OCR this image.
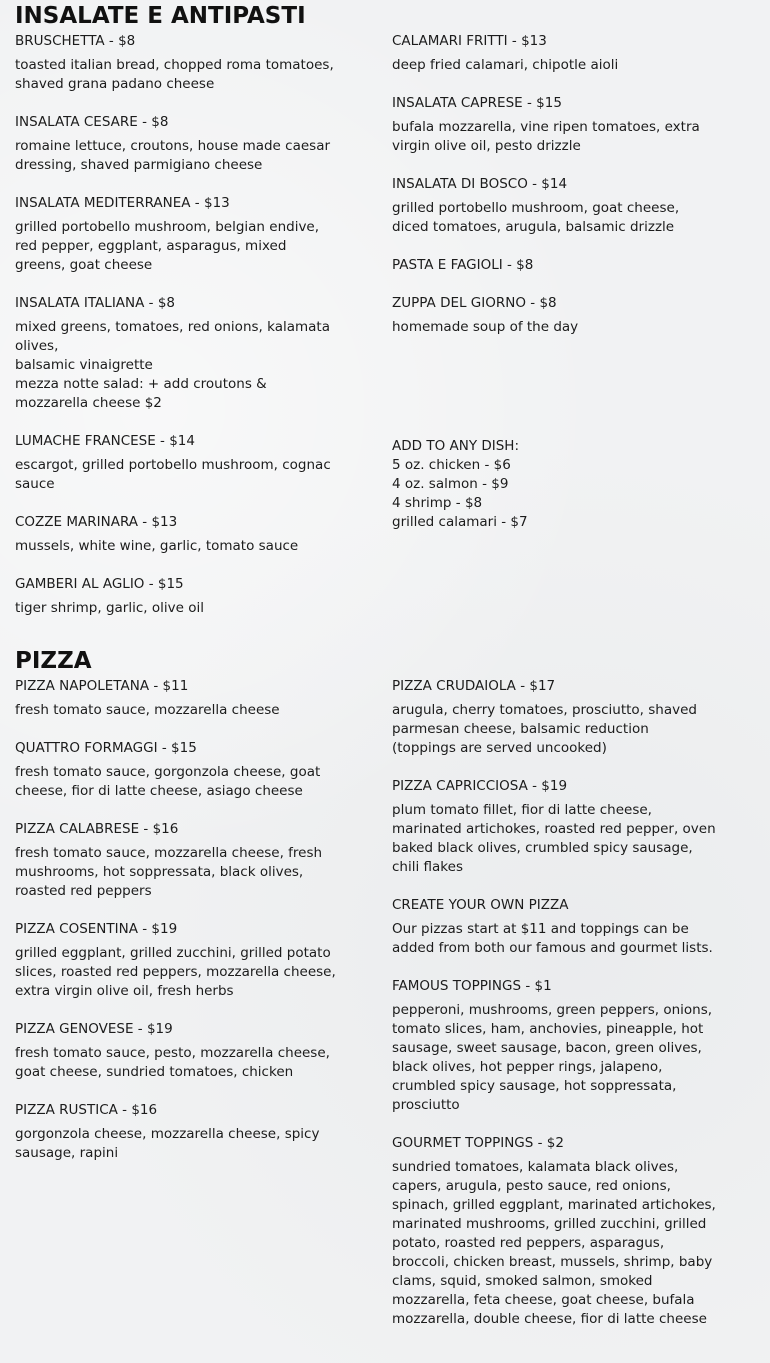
INSALATE E ANTIPASTI
BRUSCHETTA - $8
toasted italian bread, chopped roma tomatoes, shaved grana padano cheese
INSALATA CESARE - $8
romaine lettuce, croutons, house made caesar dressing, shaved parmigiano cheese
INSALATA MEDITERRANEA - $13
grilled portobello mushroom, belgian endive, red pepper, eggplant, asparagus, mixed greens, goat cheese
INSALATA ITALIANA - $8
mixed greens, tomatoes, red onions, kalamata olives,
balsamic vinaigrette
mezza notte salad: + add croutons & mozzarella cheese $2
LUMACHE FRANCESE - $14
escargot, grilled portobello mushroom, cognac sauce
COZZE MARINARA - $13
mussels, white wine, garlic, tomato sauce
GAMBERI AL AGLIO - $15
tiger shrimp, garlic, olive oil
CALAMARI FRITTI - $13
deep fried calamari, chipotle aioli
INSALATA CAPRESE - $15
bufala mozzarella, vine ripen tomatoes, extra virgin olive oil, pesto drizzle
INSALATA DI BOSCO - $14
grilled portobello mushroom, goat cheese, diced tomatoes, arugula, balsamic drizzle
PASTA E FAGIOLI - $8
ZUPPA DEL GIORNO - $8
homemade soup of the day
ADD TO ANY DISH:
5 oz. chicken - $6
4 oz. salmon - $9
4 shrimp - $8
grilled calamari - $7
PIZZA
PIZZA NAPOLETANA - $11
fresh tomato sauce, mozzarella cheese
QUATTRO FORMAGGI - $15
fresh tomato sauce, gorgonzola cheese, goat cheese, fior di latte cheese, asiago cheese
PIZZA CALABRESE - $16
fresh tomato sauce, mozzarella cheese, fresh mushrooms, hot soppressata, black olives, roasted red peppers
PIZZA COSENTINA - $19
grilled eggplant, grilled zucchini, grilled potato slices, roasted red peppers, mozzarella cheese, extra virgin olive oil, fresh herbs
PIZZA GENOVESE - $19
fresh tomato sauce, pesto, mozzarella cheese, goat cheese, sundried tomatoes, chicken
PIZZA RUSTICA - $16
gorgonzola cheese, mozzarella cheese, spicy sausage, rapini
PIZZA CRUDAIOLA - $17
arugula, cherry tomatoes, prosciutto, shaved parmesan cheese, balsamic reduction
(toppings are served uncooked)
PIZZA CAPRICCIOSA - $19
plum tomato fillet, fior di latte cheese, marinated artichokes, roasted red pepper, oven baked black olives, crumbled spicy sausage, chili flakes
CREATE YOUR OWN PIZZA
Our pizzas start at $11 and toppings can be added from both our famous and gourmet lists.
FAMOUS TOPPINGS - $1
pepperoni, mushrooms, green peppers, onions, tomato slices, ham, anchovies, pineapple, hot sausage, sweet sausage, bacon, green olives, black olives, hot pepper rings, jalapeno, crumbled spicy sausage, hot soppressata, prosciutto
GOURMET TOPPINGS - $2
sundried tomatoes, kalamata black olives, capers, arugula, pesto sauce, red onions, spinach, grilled eggplant, marinated artichokes, marinated mushrooms, grilled zucchini, grilled potato, roasted red peppers, asparagus, broccoli, chicken breast, mussels, shrimp, baby clams, squid, smoked salmon, smoked mozzarella, feta cheese, goat cheese, bufala mozzarella, double cheese, fior di latte cheese
